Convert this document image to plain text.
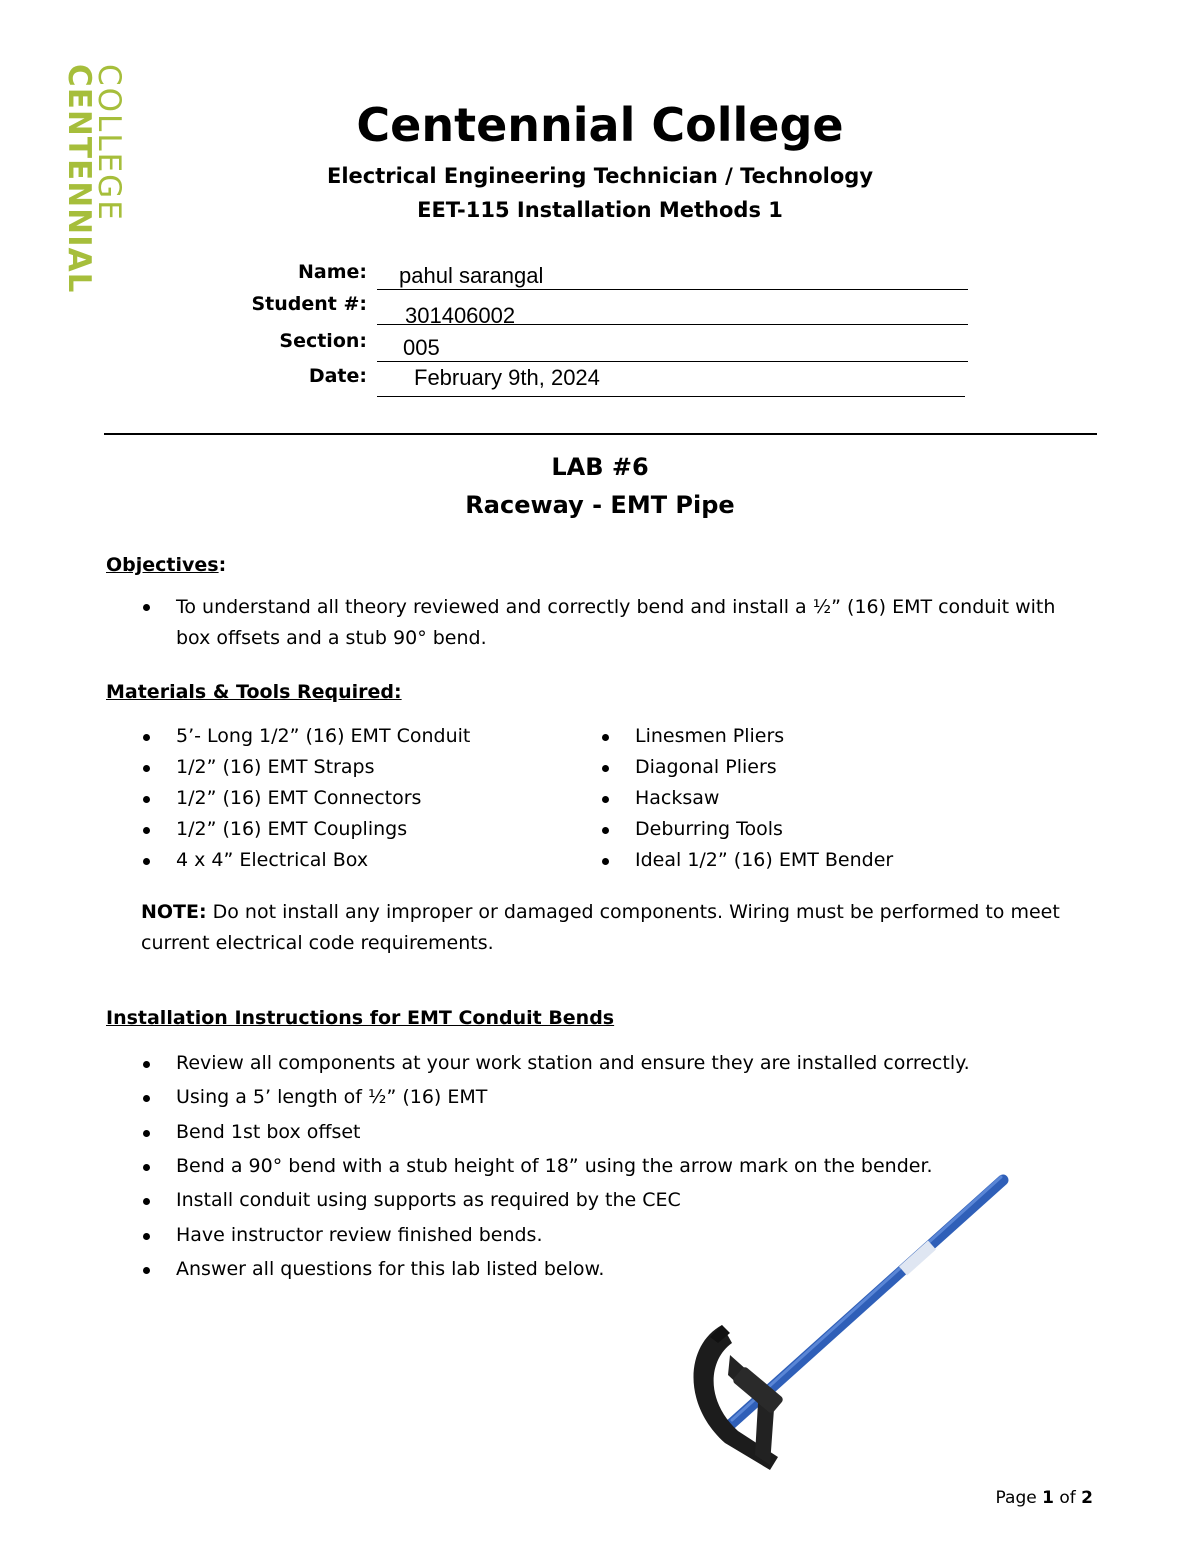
COLLEGE
CENTENNIAL	Centennial College
Electrical Engineering Technician / Technology
EET-115 Installation Methods 1
Name: pahul sarangal
Student #: 301406002
Section: 005
Date: February 9th, 2024
LAB #6
Raceway - EMT Pipe
Objectives:
To understand all theory reviewed and correctly bend and install a ½” (16) EMT conduit with
box offsets and a stub 90° bend.
Materials & Tools Required:
5’- Long 1/2” (16) EMT Conduit
1/2” (16) EMT Straps
1/2” (16) EMT Connectors
1/2” (16) EMT Couplings
4 x 4” Electrical Box
Linesmen Pliers
Diagonal Pliers
Hacksaw
Deburring Tools
Ideal 1/2” (16) EMT Bender
NOTE: Do not install any improper or damaged components. Wiring must be performed to meet
current electrical code requirements.
Installation Instructions for EMT Conduit Bends
Review all components at your work station and ensure they are installed correctly.
Using a 5’ length of ½” (16) EMT
Bend 1st box offset
Bend a 90° bend with a stub height of 18” using the arrow mark on the bender.
Install conduit using supports as required by the CEC
Have instructor review finished bends.
Answer all questions for this lab listed below.
Page 1 of 2
